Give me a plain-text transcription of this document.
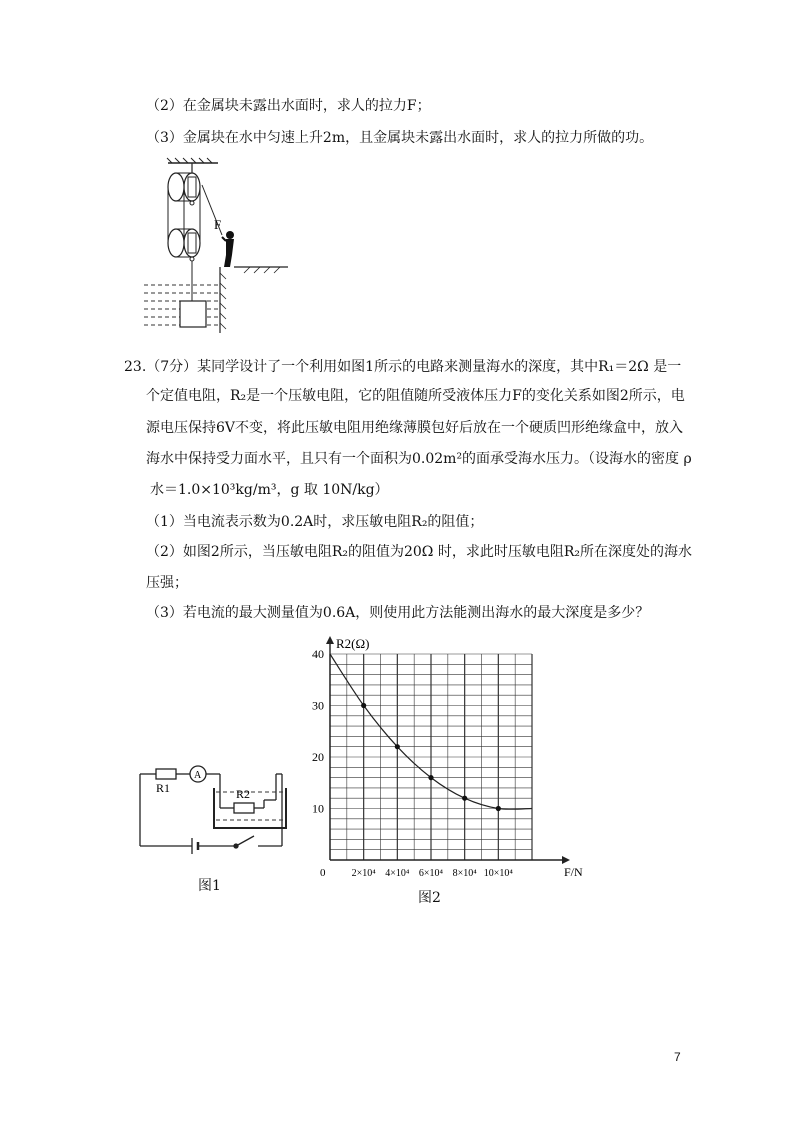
（2）在金属块未露出水面时，求人的拉力F；
（3）金属块在水中匀速上升2m，且金属块未露出水面时，求人的拉力所做的功。
F
23.（7分）某同学设计了一个利用如图1所示的电路来测量海水的深度，其中R₁＝2Ω 是一
个定值电阻，R₂是一个压敏电阻，它的阻值随所受液体压力F的变化关系如图2所示，电
源电压保持6V不变，将此压敏电阻用绝缘薄膜包好后放在一个硬质凹形绝缘盒中，放入
海水中保持受力面水平，且只有一个面积为0.02m²的面承受海水压力。（设海水的密度 ρ
水＝1.0×10³kg/m³，g 取 10N/kg）
（1）当电流表示数为0.2A时，求压敏电阻R₂的阻值；
（2）如图2所示，当压敏电阻R₂的阻值为20Ω 时，求此时压敏电阻R₂所在深度处的海水
压强；
（3）若电流的最大测量值为0.6A，则使用此方法能测出海水的最大深度是多少？
R1
A
R2
图1
2×10⁴ 4×10⁴ 6×10⁴ 8×10⁴ 10×10⁴
10
20
30
40
R2(Ω)
F/N
0
图2
7
